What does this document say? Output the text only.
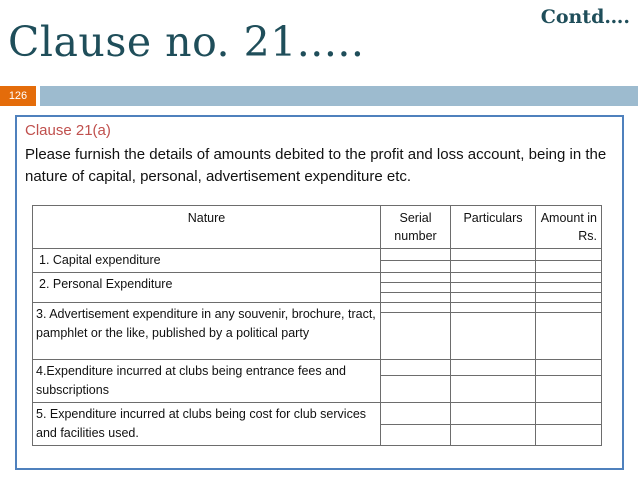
Clause no. 21.....
Contd….
126
Clause 21(a)
Please furnish the details of amounts debited to the profit and loss account, being in the nature of capital, personal, advertisement expenditure etc.
Nature	Serial number	Particulars	Amount in Rs.
1. Capital expenditure			

2. Personal Expenditure			

3. Advertisement expenditure in any souvenir, brochure, tract, pamphlet or the like, published by a political party			

4.Expenditure incurred at clubs being entrance fees and subscriptions			

5. Expenditure incurred at clubs being cost for club services and facilities used.			
